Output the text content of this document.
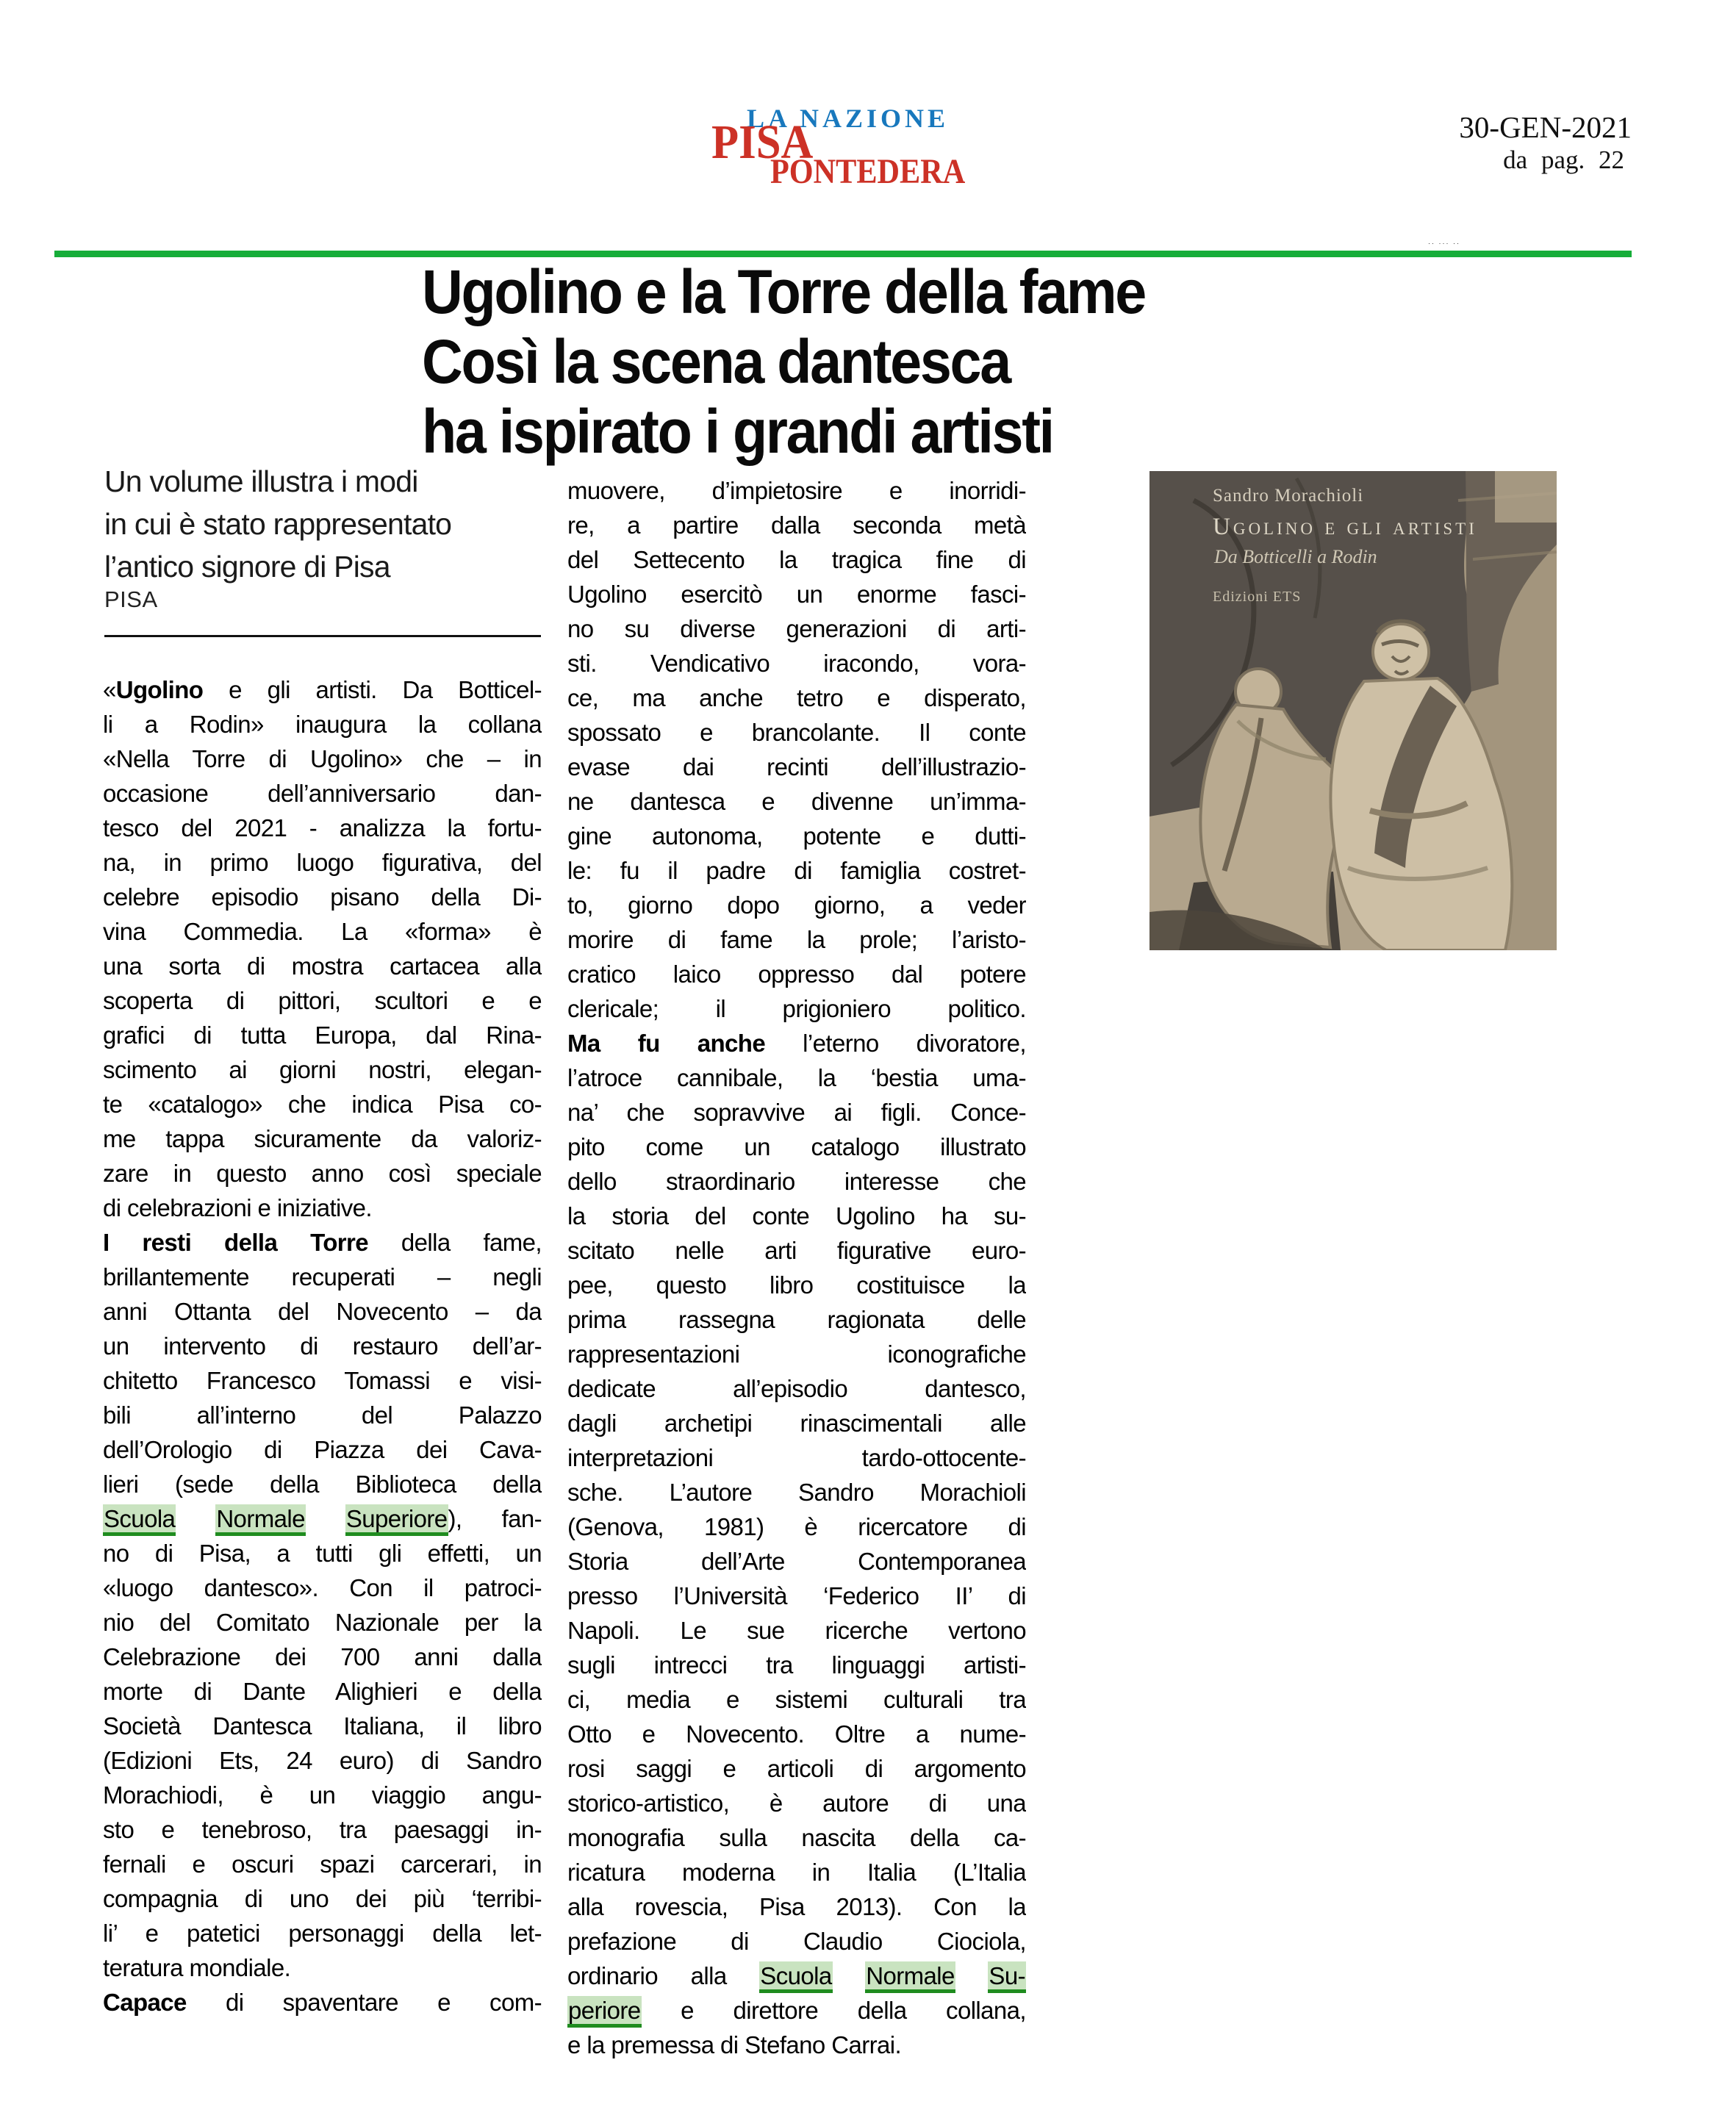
LA NAZIONE
PISA
PONTEDERA
30-GEN-2021
da pag. 22
·· ··· ··
Ugolino e la Torre della fame
Così la scena dantesca
ha ispirato i grandi artisti
Un volume illustra i modi
in cui è stato rappresentato
l’antico signore di Pisa
PISA
«Ugolino e gli artisti. Da Botticel-
li a Rodin» inaugura la collana
«Nella Torre di Ugolino» che – in
occasione dell’anniversario dan-
tesco del 2021 - analizza la fortu-
na, in primo luogo figurativa, del
celebre episodio pisano della Di-
vina Commedia. La «forma» è
una sorta di mostra cartacea alla
scoperta di pittori, scultori e e
grafici di tutta Europa, dal Rina-
scimento ai giorni nostri, elegan-
te «catalogo» che indica Pisa co-
me tappa sicuramente da valoriz-
zare in questo anno così speciale
di celebrazioni e iniziative.
I resti della Torre della fame,
brillantemente recuperati – negli
anni Ottanta del Novecento – da
un intervento di restauro dell’ar-
chitetto Francesco Tomassi e visi-
bili all’interno del Palazzo
dell’Orologio di Piazza dei Cava-
lieri (sede della Biblioteca della
Scuola Normale Superiore), fan-
no di Pisa, a tutti gli effetti, un
«luogo dantesco». Con il patroci-
nio del Comitato Nazionale per la
Celebrazione dei 700 anni dalla
morte di Dante Alighieri e della
Società Dantesca Italiana, il libro
(Edizioni Ets, 24 euro) di Sandro
Morachiodi, è un viaggio angu-
sto e tenebroso, tra paesaggi in-
fernali e oscuri spazi carcerari, in
compagnia di uno dei più ‘terribi-
li’ e patetici personaggi della let-
teratura mondiale.
Capace di spaventare e com-
muovere, d’impietosire e inorridi-
re, a partire dalla seconda metà
del Settecento la tragica fine di
Ugolino esercitò un enorme fasci-
no su diverse generazioni di arti-
sti. Vendicativo iracondo, vora-
ce, ma anche tetro e disperato,
spossato e brancolante. Il conte
evase dai recinti dell’illustrazio-
ne dantesca e divenne un’imma-
gine autonoma, potente e dutti-
le: fu il padre di famiglia costret-
to, giorno dopo giorno, a veder
morire di fame la prole; l’aristo-
cratico laico oppresso dal potere
clericale; il prigioniero politico.
Ma fu anche l’eterno divoratore,
l’atroce cannibale, la ‘bestia uma-
na’ che sopravvive ai figli. Conce-
pito come un catalogo illustrato
dello straordinario interesse che
la storia del conte Ugolino ha su-
scitato nelle arti figurative euro-
pee, questo libro costituisce la
prima rassegna ragionata delle
rappresentazioni iconografiche
dedicate all’episodio dantesco,
dagli archetipi rinascimentali alle
interpretazioni tardo-ottocente-
sche. L’autore Sandro Morachioli
(Genova, 1981) è ricercatore di
Storia dell’Arte Contemporanea
presso l’Università ‘Federico II’ di
Napoli. Le sue ricerche vertono
sugli intrecci tra linguaggi artisti-
ci, media e sistemi culturali tra
Otto e Novecento. Oltre a nume-
rosi saggi e articoli di argomento
storico-artistico, è autore di una
monografia sulla nascita della ca-
ricatura moderna in Italia (L’Italia
alla rovescia, Pisa 2013). Con la
prefazione di Claudio Ciociola,
ordinario alla Scuola Normale Su-
periore e direttore della collana,
e la premessa di Stefano Carrai.
Sandro Morachioli
Ugolino e gli artisti
Da Botticelli a Rodin
Edizioni ETS
